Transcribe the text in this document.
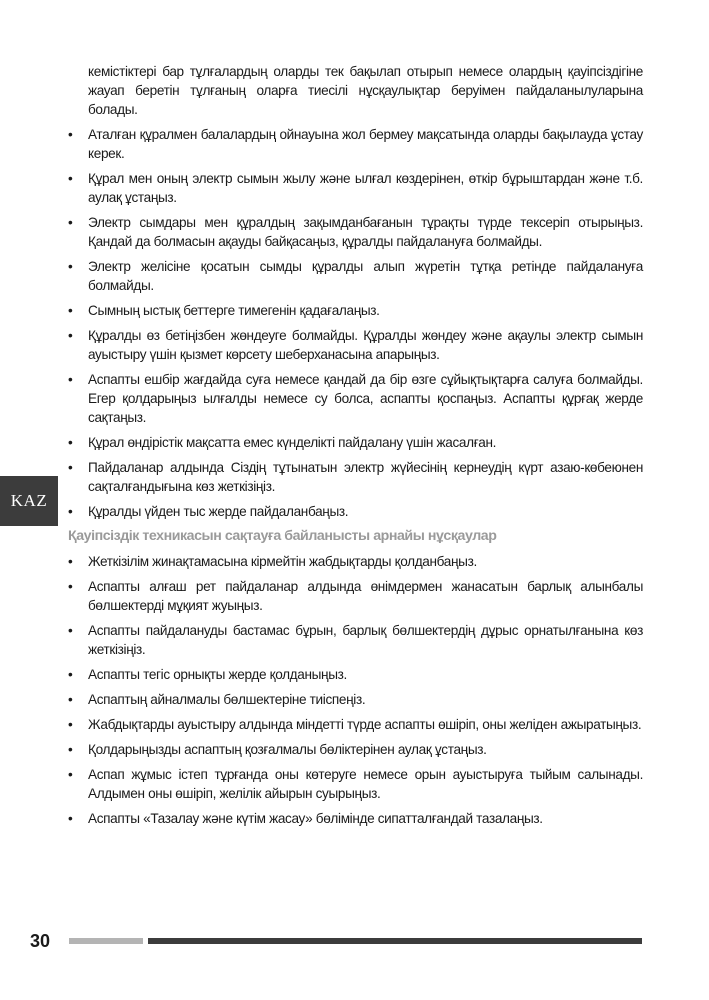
кемістіктері бар тұлғалардың оларды тек бақылап отырып немесе олардың қауіпсіздігіне жауап беретін тұлғаның оларға тиесілі нұсқаулықтар беруімен пайдаланылуларына болады.

•	Аталған құралмен балалардың ойнауына жол бермеу мақсатында оларды бақылауда ұстау керек.
•	Құрал мен оның электр сымын жылу және ылғал көздерінен, өткір бұрыштардан және т.б. аулақ ұстаңыз.
•	Электр сымдары мен құралдың зақымданбағанын тұрақты түрде тексеріп отырыңыз. Қандай да болмасын ақауды байқасаңыз, құралды пайдалануға болмайды.
•	Электр желісіне қосатын сымды құралды алып жүретін тұтқа ретінде пайдалануға болмайды.
•	Сымның ыстық беттерге тимегенін қадағалаңыз.
•	Құралды өз бетіңізбен жөндеуге болмайды. Құралды жөндеу және ақаулы электр сымын ауыстыру үшін қызмет көрсету шеберханасына апарыңыз.
•	Аспапты ешбір жағдайда суға немесе қандай да бір өзге сұйықтықтарға салуға болмайды. Егер қолдарыңыз ылғалды немесе су болса, аспапты қоспаңыз. Аспапты құрғақ жерде сақтаңыз.
•	Құрал өндірістік мақсатта емес күнделікті пайдалану үшін жасалған.
•	Пайдаланар алдында Сіздің тұтынатын электр жүйесінің кернеудің күрт азаю-көбеюнен сақталғандығына көз жеткізіңіз.
•	Құралды үйден тыс жерде пайдаланбаңыз.
Қауіпсіздік техникасын сақтауға байланысты арнайы нұсқаулар
•	Жеткізілім жинақтамасына кірмейтін жабдықтарды қолданбаңыз.
•	Аспапты алғаш рет пайдаланар алдында өнімдермен жанасатын барлық алынбалы бөлшектерді мұқият жуыңыз.
•	Аспапты пайдалануды бастамас бұрын, барлық бөлшектердің дұрыс орнатылғанына көз жеткізіңіз.
•	Аспапты тегіс орнықты жерде қолданыңыз.
•	Аспаптың айналмалы бөлшектеріне тиіспеңіз.
•	Жабдықтарды ауыстыру алдында міндетті түрде аспапты өшіріп, оны желіден ажыратыңыз.
•	Қолдарыңызды аспаптың қозғалмалы бөліктерінен аулақ ұстаңыз.
•	Аспап жұмыс істеп тұрғанда оны көтеруге немесе орын ауыстыруға тыйым салынады. Алдымен оны өшіріп, желілік айырын суырыңыз.
•	Аспапты «Тазалау және күтім жасау» бөлімінде сипатталғандай тазалаңыз.
KAZ
30
